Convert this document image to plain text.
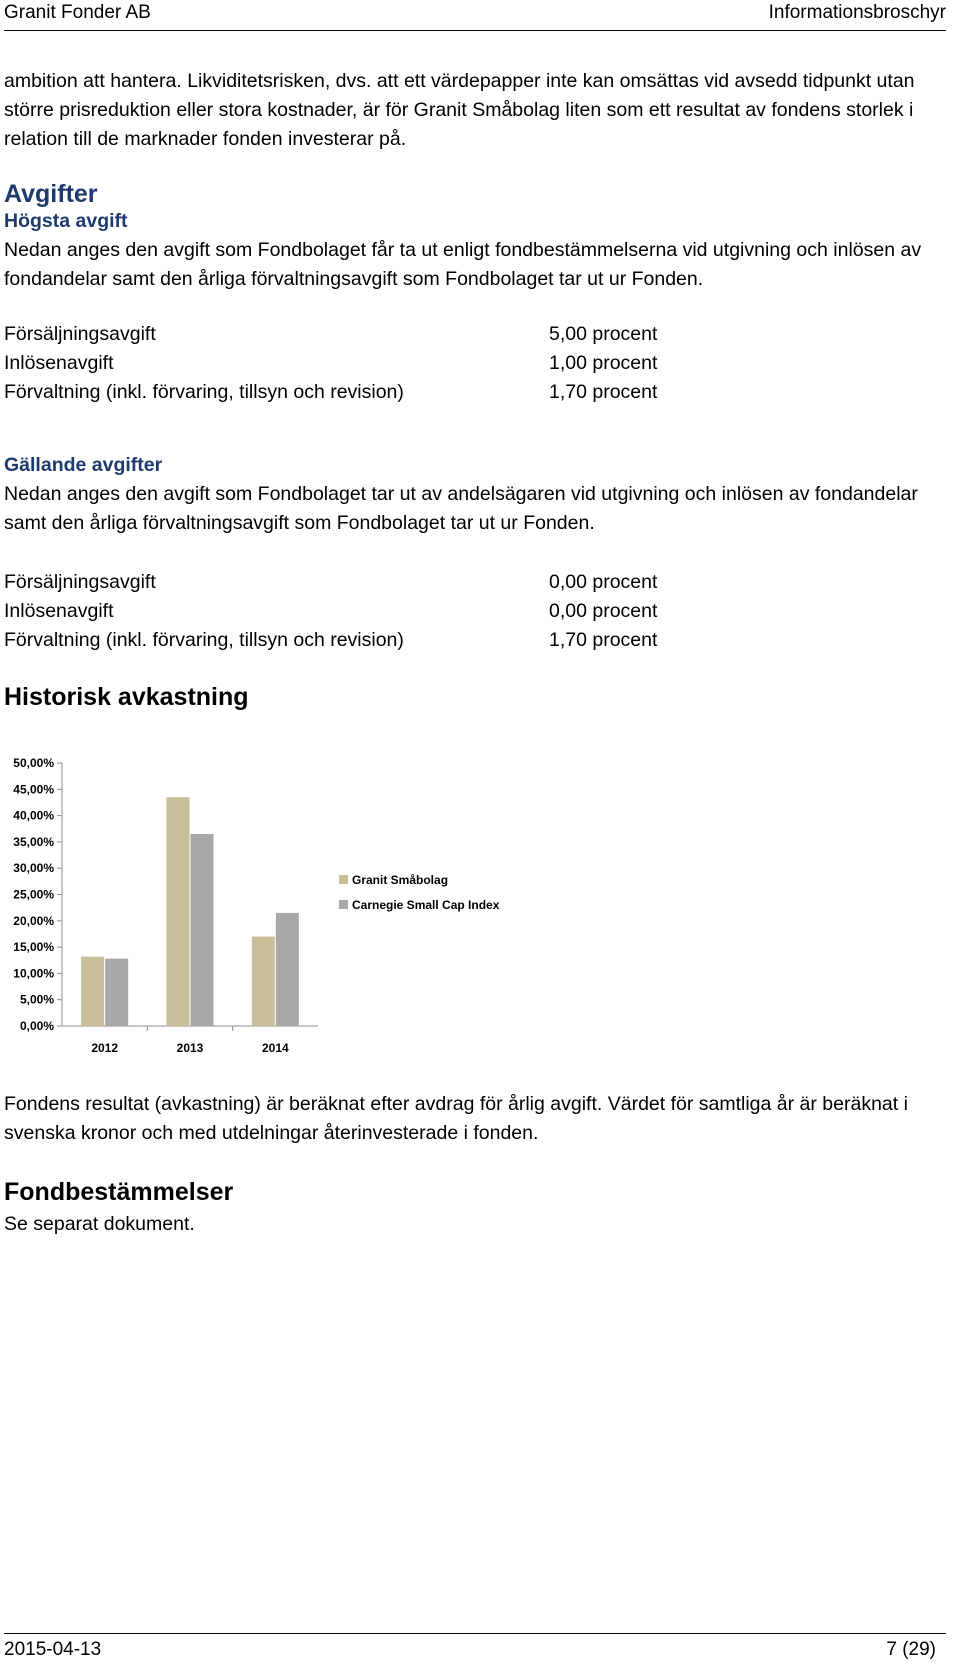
Granit Fonder AB	Informationsbroschyr

ambition att hantera. Likviditetsrisken, dvs. att ett värdepapper inte kan omsättas vid avsedd tidpunkt utan större prisreduktion eller stora kostnader, är för Granit Småbolag liten som ett resultat av fondens storlek i relation till de marknader fonden investerar på.

Avgifter
Högsta avgift

Nedan anges den avgift som Fondbolaget får ta ut enligt fondbestämmelserna vid utgivning och inlösen av fondandelar samt den årliga förvaltningsavgift som Fondbolaget tar ut ur Fonden.

Försäljningsavgift	5,00 procent
Inlösenavgift	1,00 procent
Förvaltning (inkl. förvaring, tillsyn och revision)	1,70 procent
Gällande avgifter

Nedan anges den avgift som Fondbolaget tar ut av andelsägaren vid utgivning och inlösen av fondandelar samt den årliga förvaltningsavgift som Fondbolaget tar ut ur Fonden.

Försäljningsavgift	0,00 procent
Inlösenavgift	0,00 procent
Förvaltning (inkl. förvaring, tillsyn och revision)	1,70 procent
Historisk avkastning
0,00%
5,00%
10,00%
15,00%
20,00%
25,00%
30,00%
35,00%
40,00%
45,00%
50,00%
2012	2013	2014
Granit Småbolag
Carnegie Small Cap Index

Fondens resultat (avkastning) är beräknat efter avdrag för årlig avgift. Värdet för samtliga år är beräknat i svenska kronor och med utdelningar återinvesterade i fonden.

Fondbestämmelser

Se separat dokument.

2015-04-13	7 (29)
